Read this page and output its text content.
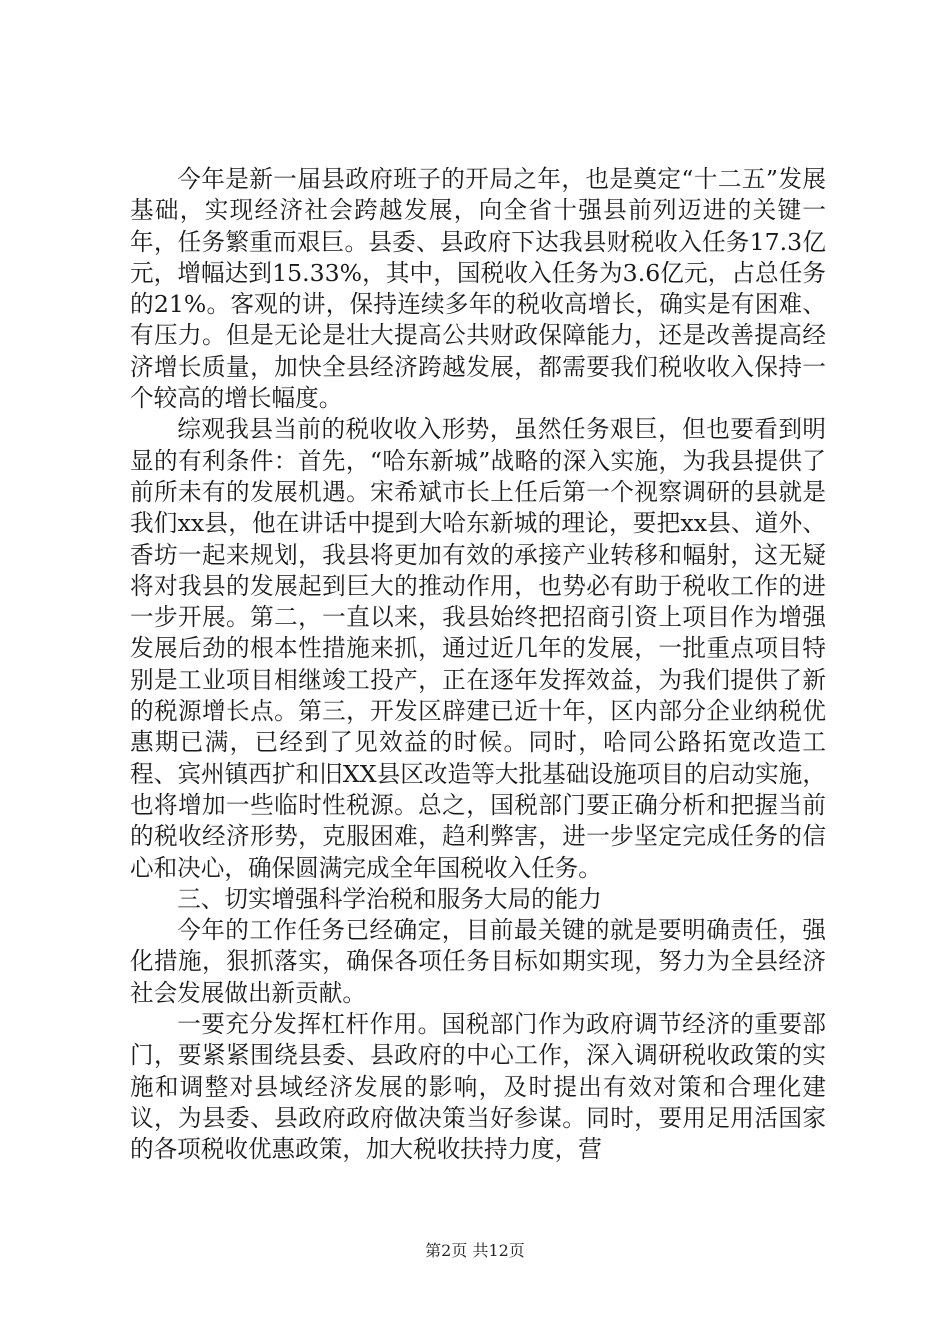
今年是新一届县政府班子的开局之年，也是奠定“十二五”发展基础，实现经济社会跨越发展，向全省十强县前列迈进的关键一年，任务繁重而艰巨。县委、县政府下达我县财税收入任务17.3亿元，增幅达到15.33%，其中，国税收入任务为3.6亿元，占总任务的21%。客观的讲，保持连续多年的税收高增长，确实是有困难、有压力。但是无论是壮大提高公共财政保障能力，还是改善提高经济增长质量，加快全县经济跨越发展，都需要我们税收收入保持一个较高的增长幅度。

综观我县当前的税收收入形势，虽然任务艰巨，但也要看到明显的有利条件：首先，“哈东新城”战略的深入实施，为我县提供了前所未有的发展机遇。宋希斌市长上任后第一个视察调研的县就是我们xx县，他在讲话中提到大哈东新城的理论，要把xx县、道外、香坊一起来规划，我县将更加有效的承接产业转移和幅射，这无疑将对我县的发展起到巨大的推动作用，也势必有助于税收工作的进一步开展。第二，一直以来，我县始终把招商引资上项目作为增强发展后劲的根本性措施来抓，通过近几年的发展，一批重点项目特别是工业项目相继竣工投产，正在逐年发挥效益，为我们提供了新的税源增长点。第三，开发区辟建已近十年，区内部分企业纳税优惠期已满，已经到了见效益的时候。同时，哈同公路拓宽改造工程、宾州镇西扩和旧XX县区改造等大批基础设施项目的启动实施，也将增加一些临时性税源。总之，国税部门要正确分析和把握当前的税收经济形势，克服困难，趋利弊害，进一步坚定完成任务的信心和决心，确保圆满完成全年国税收入任务。

三、切实增强科学治税和服务大局的能力

今年的工作任务已经确定，目前最关键的就是要明确责任，强化措施，狠抓落实，确保各项任务目标如期实现，努力为全县经济社会发展做出新贡献。

一要充分发挥杠杆作用。国税部门作为政府调节经济的重要部门，要紧紧围绕县委、县政府的中心工作，深入调研税收政策的实施和调整对县域经济发展的影响，及时提出有效对策和合理化建议，为县委、县政府政府做决策当好参谋。同时，要用足用活国家的各项税收优惠政策，加大税收扶持力度，营

第2页 共12页
